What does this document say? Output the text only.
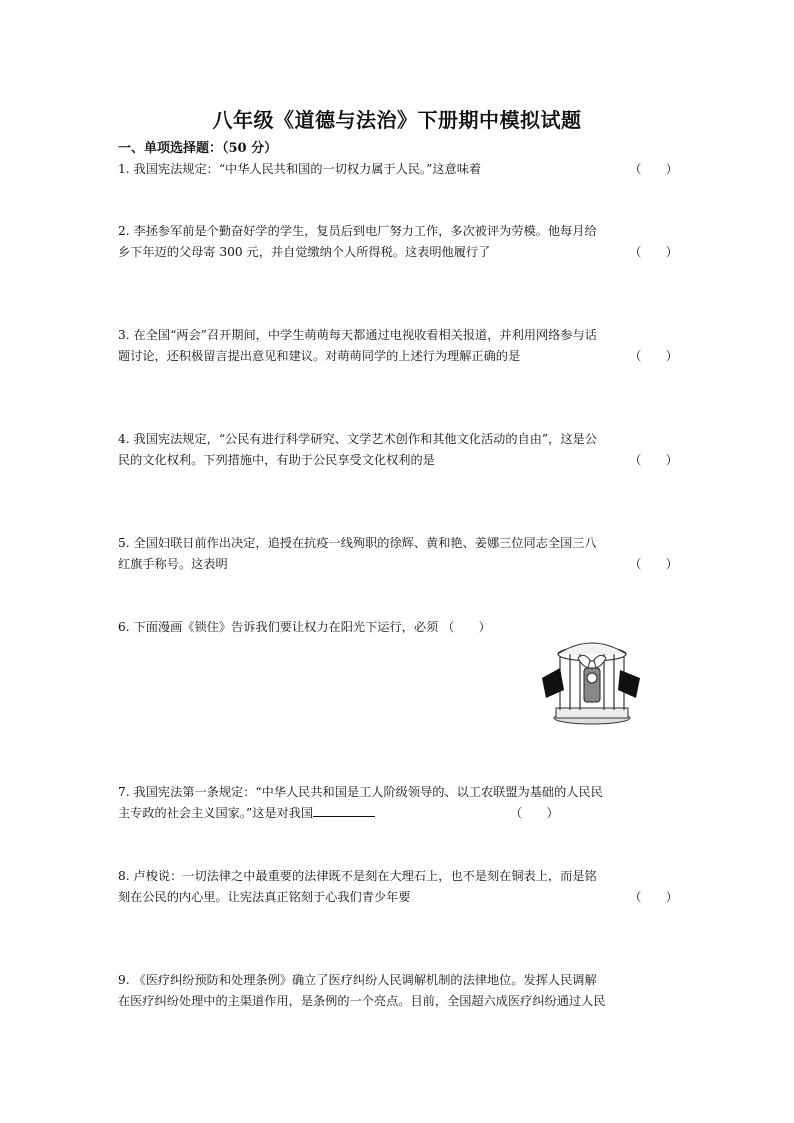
八年级《道德与法治》下册期中模拟试题
一、单项选择题：（50 分）
1. 我国宪法规定：“中华人民共和国的一切权力属于人民。”这意味着	（　　）
2. 李拯参军前是个勤奋好学的学生，复员后到电厂努力工作，多次被评为劳模。他每月给
乡下年迈的父母寄 300 元，并自觉缴纳个人所得税。这表明他履行了	（　　）
3. 在全国“两会”召开期间，中学生萌萌每天都通过电视收看相关报道，并利用网络参与话
题讨论，还积极留言提出意见和建议。对萌萌同学的上述行为理解正确的是	（　　）
4. 我国宪法规定，“公民有进行科学研究、文学艺术创作和其他文化活动的自由”，这是公
民的文化权利。下列措施中，有助于公民享受文化权利的是	（　　）
5. 全国妇联日前作出决定，追授在抗疫一线殉职的徐辉、黄和艳、姜娜三位同志全国三八
红旗手称号。这表明	（　　）
6. 下面漫画《锁住》告诉我们要让权力在阳光下运行，必须 （　　）
7. 我国宪法第一条规定：“中华人民共和国是工人阶级领导的、以工农联盟为基础的人民民
主专政的社会主义国家。”这是对我国	（　　）
8. 卢梭说：一切法律之中最重要的法律既不是刻在大理石上，也不是刻在铜表上，而是铭
刻在公民的内心里。让宪法真正铭刻于心我们青少年要	（　　）
9. 《医疗纠纷预防和处理条例》确立了医疗纠纷人民调解机制的法律地位。发挥人民调解
在医疗纠纷处理中的主渠道作用，是条例的一个亮点。目前，全国超六成医疗纠纷通过人民
